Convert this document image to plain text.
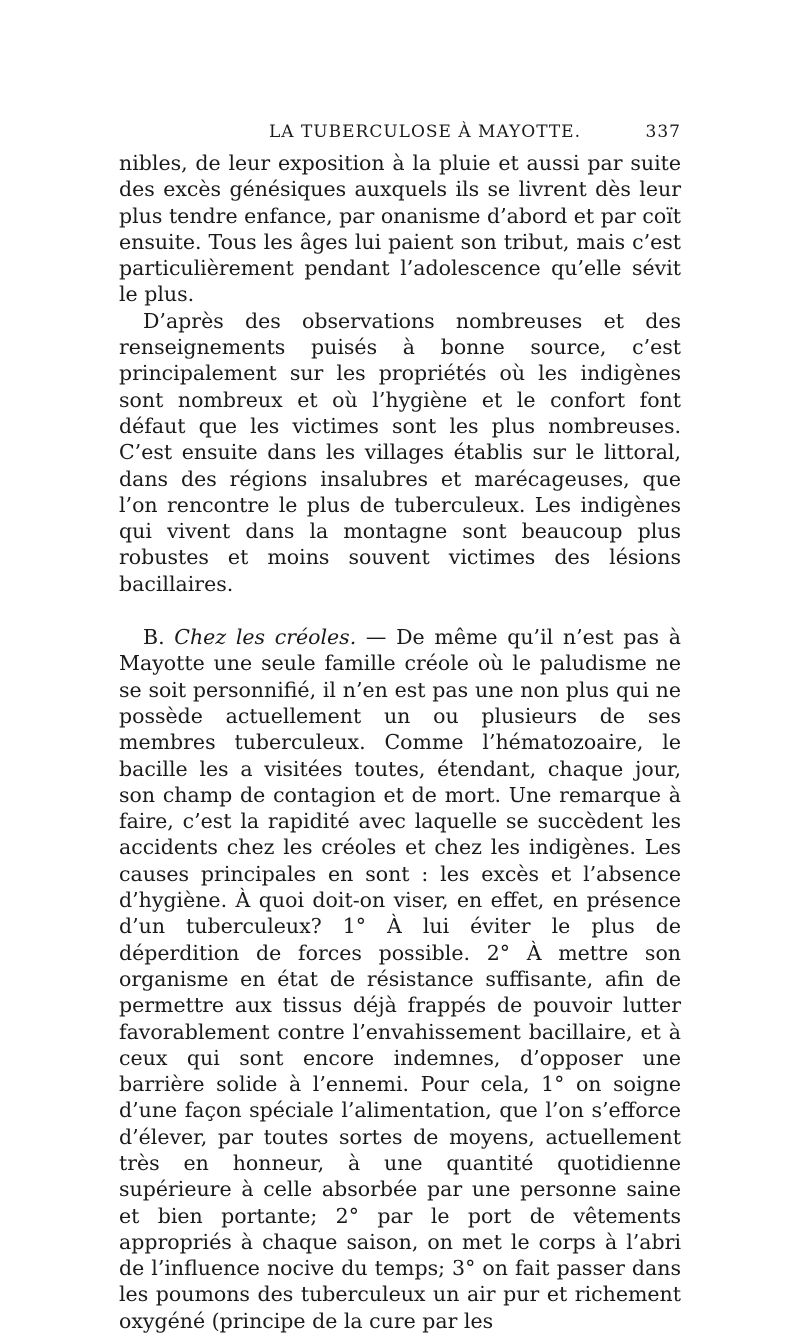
LA TUBERCULOSE À MAYOTTE.	337

nibles, de leur exposition à la pluie et aussi par suite des excès génésiques auxquels ils se livrent dès leur plus tendre enfance, par onanisme d’abord et par coït ensuite. Tous les âges lui paient son tribut, mais c’est particulièrement pendant l’adolescence qu’elle sévit le plus.

D’après des observations nombreuses et des renseignements puisés à bonne source, c’est principalement sur les propriétés où les indigènes sont nombreux et où l’hygiène et le confort font défaut que les victimes sont les plus nombreuses. C’est ensuite dans les villages établis sur le littoral, dans des régions insalubres et marécageuses, que l’on rencontre le plus de tuberculeux. Les indigènes qui vivent dans la montagne sont beaucoup plus robustes et moins souvent victimes des lésions bacillaires.

B. Chez les créoles. — De même qu’il n’est pas à Mayotte une seule famille créole où le paludisme ne se soit personnifié, il n’en est pas une non plus qui ne possède actuellement un ou plusieurs de ses membres tuberculeux. Comme l’hématozoaire, le bacille les a visitées toutes, étendant, chaque jour, son champ de contagion et de mort. Une remarque à faire, c’est la rapidité avec laquelle se succèdent les accidents chez les créoles et chez les indigènes. Les causes principales en sont : les excès et l’absence d’hygiène. À quoi doit-on viser, en effet, en présence d’un tuberculeux? 1° À lui éviter le plus de déperdition de forces possible. 2° À mettre son organisme en état de résistance suffisante, afin de permettre aux tissus déjà frappés de pouvoir lutter favorablement contre l’envahissement bacillaire, et à ceux qui sont encore indemnes, d’opposer une barrière solide à l’ennemi. Pour cela, 1° on soigne d’une façon spéciale l’alimentation, que l’on s’efforce d’élever, par toutes sortes de moyens, actuellement très en honneur, à une quantité quotidienne supérieure à celle absorbée par une personne saine et bien portante; 2° par le port de vêtements appropriés à chaque saison, on met le corps à l’abri de l’influence nocive du temps; 3° on fait passer dans les poumons des tuberculeux un air pur et richement oxygéné (principe de la cure par les
